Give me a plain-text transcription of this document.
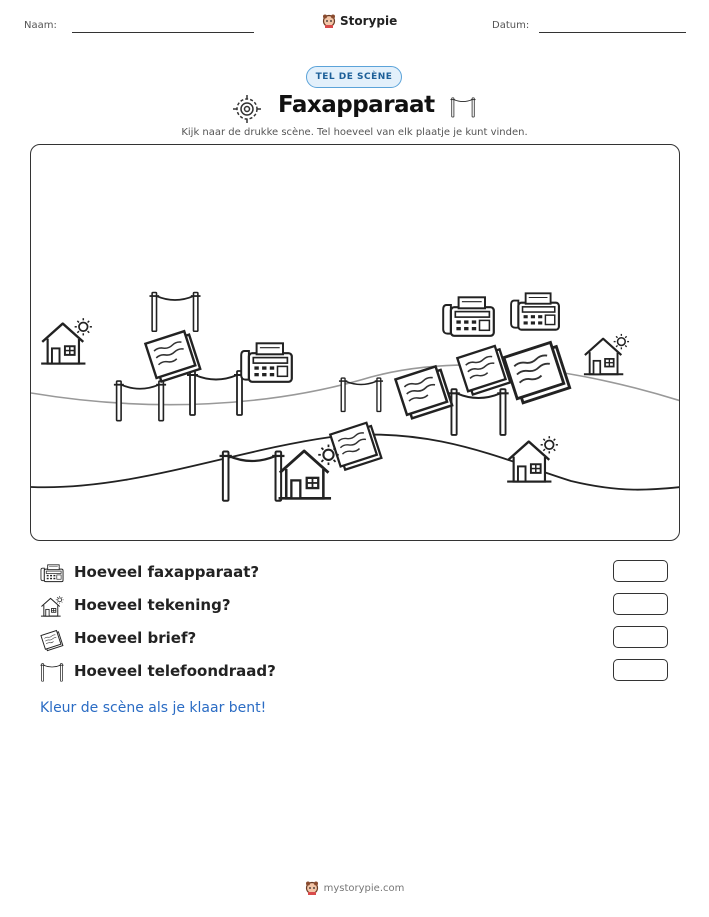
Naam:	Storypie	Datum:
TEL DE SCÈNE
Faxapparaat
Kijk naar de drukke scène. Tel hoeveel van elk plaatje je kunt vinden.
Hoeveel faxapparaat?
Hoeveel tekening?
Hoeveel brief?
Hoeveel telefoondraad?
Kleur de scène als je klaar bent!
mystorypie.com
